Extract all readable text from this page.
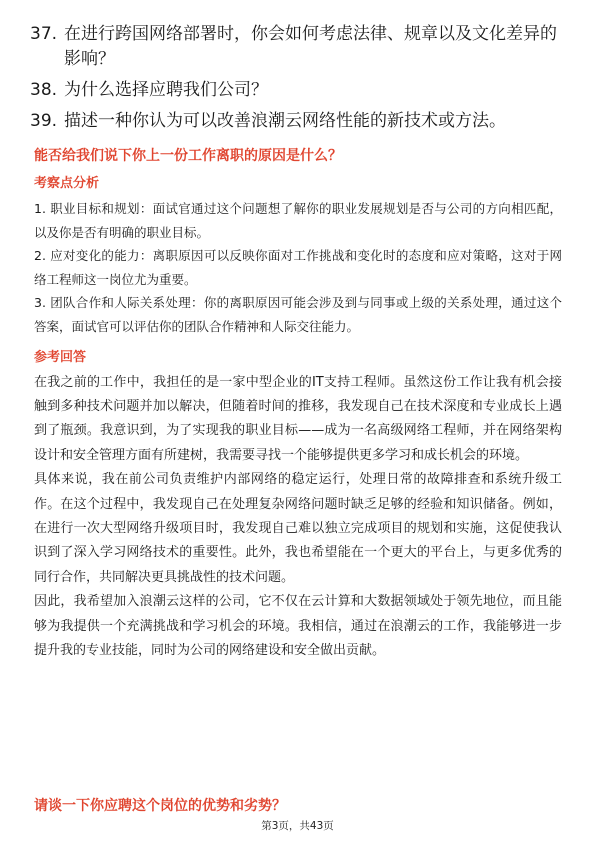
37. 在进行跨国网络部署时，你会如何考虑法律、规章以及文化差异的影响？
38. 为什么选择应聘我们公司？
39. 描述一种你认为可以改善浪潮云网络性能的新技术或方法。
能否给我们说下你上一份工作离职的原因是什么？
考察点分析
1. 职业目标和规划：面试官通过这个问题想了解你的职业发展规划是否与公司的方向相匹配，以及你是否有明确的职业目标。
2. 应对变化的能力：离职原因可以反映你面对工作挑战和变化时的态度和应对策略，这对于网络工程师这一岗位尤为重要。
3. 团队合作和人际关系处理：你的离职原因可能会涉及到与同事或上级的关系处理，通过这个答案，面试官可以评估你的团队合作精神和人际交往能力。
参考回答
在我之前的工作中，我担任的是一家中型企业的IT支持工程师。虽然这份工作让我有机会接触到多种技术问题并加以解决，但随着时间的推移，我发现自己在技术深度和专业成长上遇到了瓶颈。我意识到，为了实现我的职业目标——成为一名高级网络工程师，并在网络架构设计和安全管理方面有所建树，我需要寻找一个能够提供更多学习和成长机会的环境。
具体来说，我在前公司负责维护内部网络的稳定运行，处理日常的故障排查和系统升级工作。在这个过程中，我发现自己在处理复杂网络问题时缺乏足够的经验和知识储备。例如，在进行一次大型网络升级项目时，我发现自己难以独立完成项目的规划和实施，这促使我认识到了深入学习网络技术的重要性。此外，我也希望能在一个更大的平台上，与更多优秀的同行合作，共同解决更具挑战性的技术问题。
因此，我希望加入浪潮云这样的公司，它不仅在云计算和大数据领域处于领先地位，而且能够为我提供一个充满挑战和学习机会的环境。我相信，通过在浪潮云的工作，我能够进一步提升我的专业技能，同时为公司的网络建设和安全做出贡献。
请谈一下你应聘这个岗位的优势和劣势？
第3页，共43页
